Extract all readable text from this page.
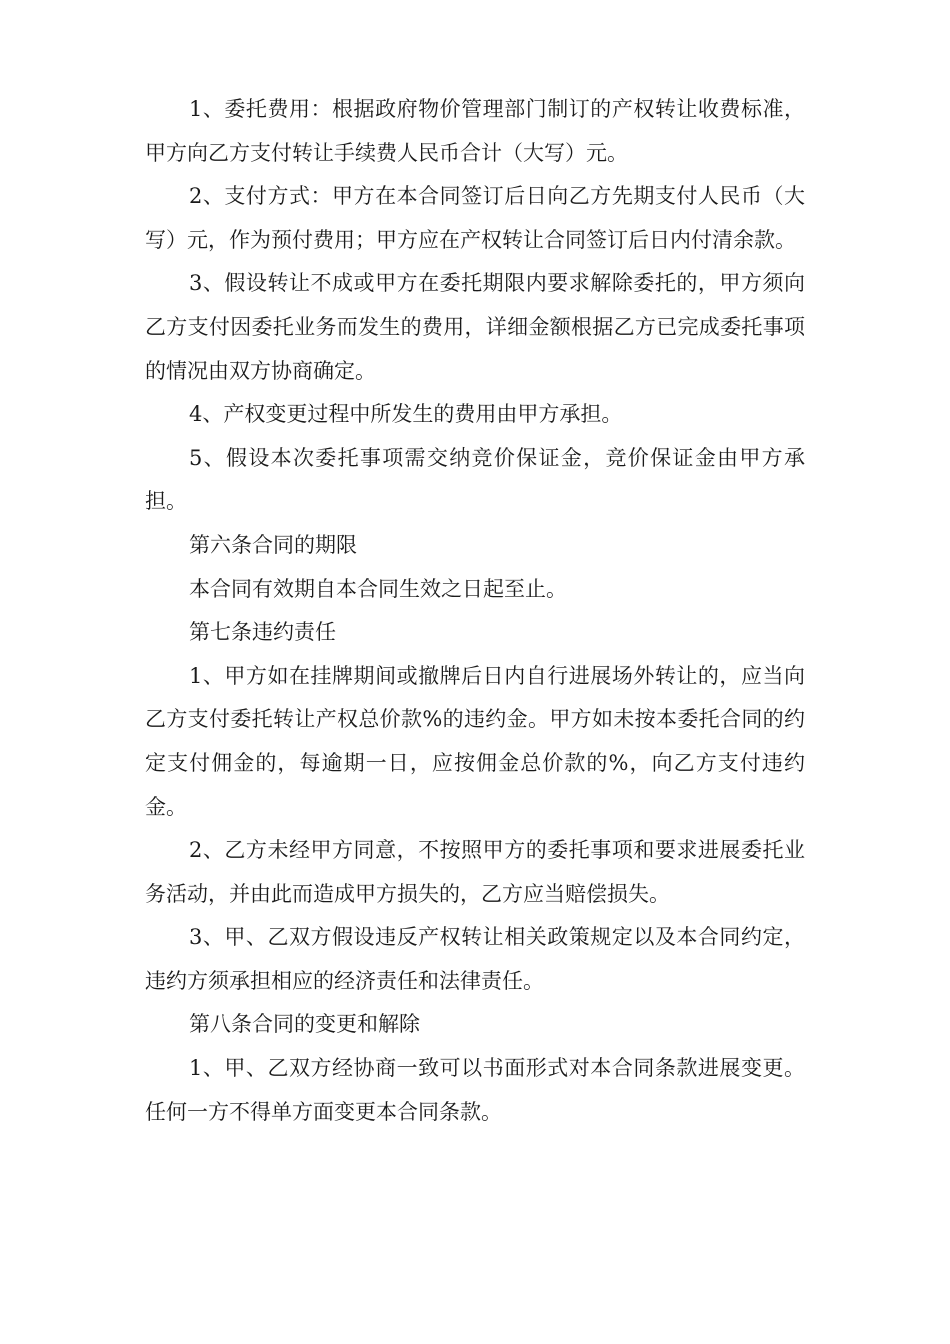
1、委托费用：根据政府物价管理部门制订的产权转让收费标准，甲方向乙方支付转让手续费人民币合计（大写）元。

2、支付方式：甲方在本合同签订后日向乙方先期支付人民币（大写）元，作为预付费用；甲方应在产权转让合同签订后日内付清余款。

3、假设转让不成或甲方在委托期限内要求解除委托的，甲方须向乙方支付因委托业务而发生的费用，详细金额根据乙方已完成委托事项的情况由双方协商确定。

4、产权变更过程中所发生的费用由甲方承担。

5、假设本次委托事项需交纳竞价保证金，竞价保证金由甲方承担。

第六条合同的期限

本合同有效期自本合同生效之日起至止。

第七条违约责任

1、甲方如在挂牌期间或撤牌后日内自行进展场外转让的，应当向乙方支付委托转让产权总价款%的违约金。甲方如未按本委托合同的约定支付佣金的，每逾期一日，应按佣金总价款的%，向乙方支付违约金。

2、乙方未经甲方同意，不按照甲方的委托事项和要求进展委托业务活动，并由此而造成甲方损失的，乙方应当赔偿损失。

3、甲、乙双方假设违反产权转让相关政策规定以及本合同约定，违约方须承担相应的经济责任和法律责任。

第八条合同的变更和解除

1、甲、乙双方经协商一致可以书面形式对本合同条款进展变更。任何一方不得单方面变更本合同条款。
